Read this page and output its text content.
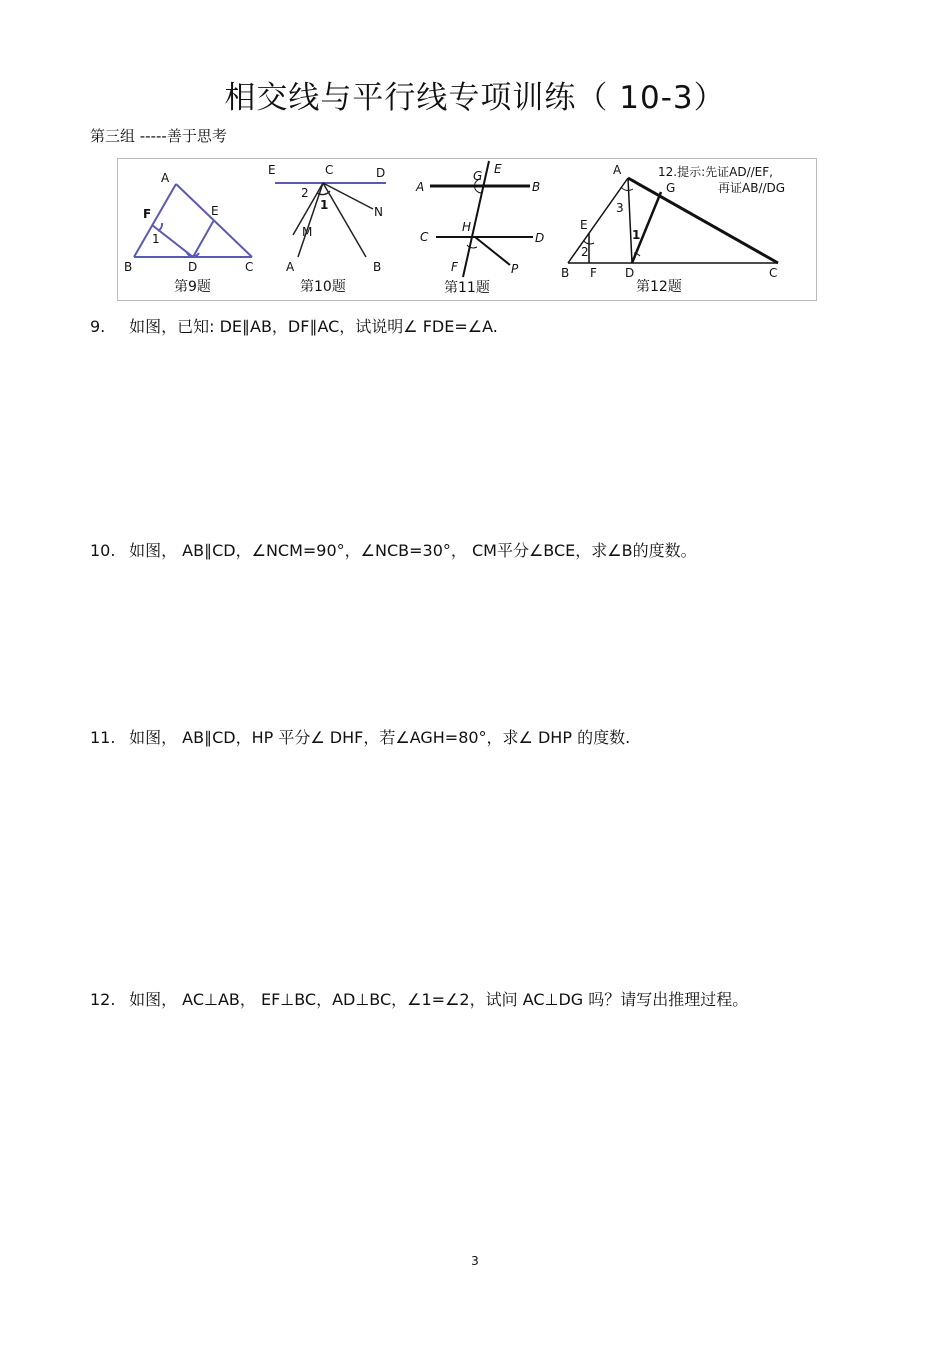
相交线与平行线专项训练（ 10-3）
第三组 -----善于思考
A
F	E
1
B	D	C
第9题
E	C	D
2
1	N
M
A	B
第10题
A	B
G E
C
H
D
F	P
第11题
A
G
E
3
2
1
B F D	C
12.提示:先证AD//EF,
再证AB//DG
第12题
9. 如图，已知: DE∥AB，DF∥AC，试说明∠ FDE=∠A.
10. 如图， AB∥CD，∠NCM=90°，∠NCB=30°， CM平分∠BCE，求∠B的度数。
11. 如图， AB∥CD，HP 平分∠ DHF，若∠AGH=80°，求∠ DHP 的度数.
12. 如图， AC⊥AB， EF⊥BC，AD⊥BC，∠1=∠2，试问 AC⊥DG 吗？请写出推理过程。
3
